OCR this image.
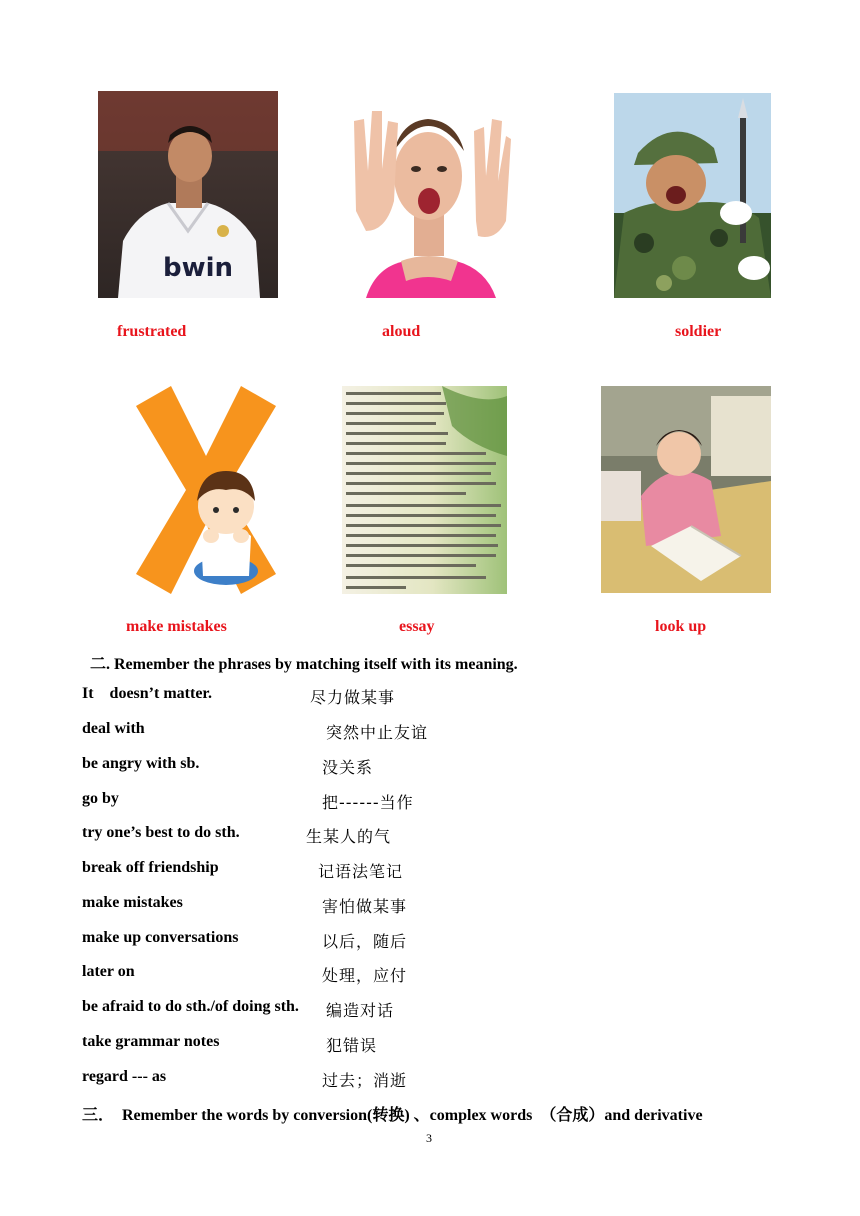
bwin
frustrated	aloud	soldier
make mistakes	essay	look up
二. Remember the phrases by matching itself with its meaning.
It    doesn’t matter.	尽力做某事
deal with	突然中止友谊
be angry with sb.	没关系
go by	把------当作
try one’s best to do sth.	生某人的气
break off friendship	记语法笔记
make mistakes	害怕做某事
make up conversations	以后，随后
later on	处理，应付
be afraid to do sth./of doing sth. 编造对话
take grammar notes	犯错误
regard --- as	过去；消逝
三．  Remember the words by conversion(转换) 、complex words  （合成）and derivative
3
